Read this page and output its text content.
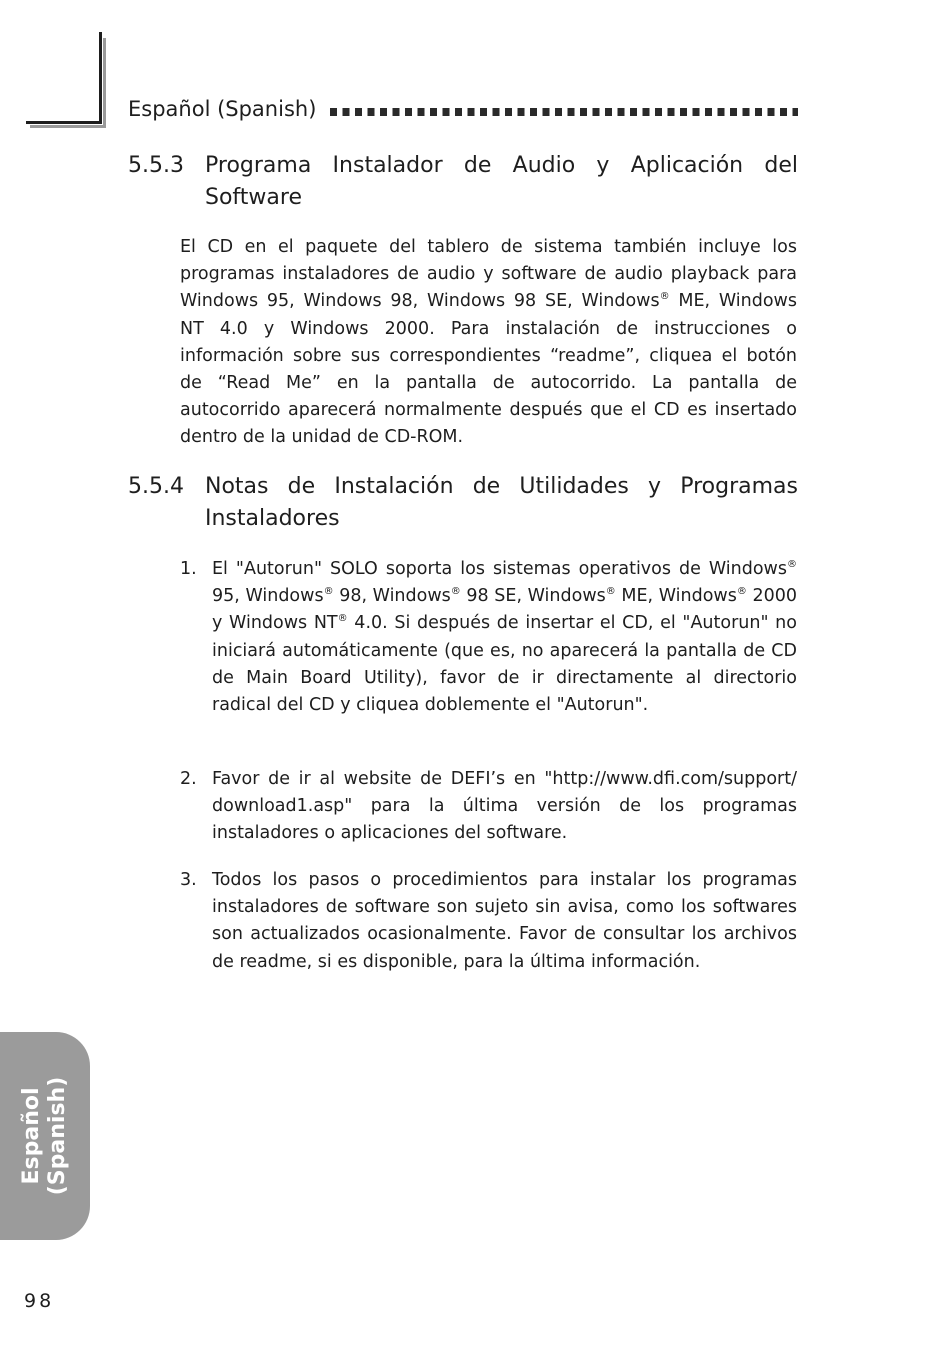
Español (Spanish)
5.5.3 Programa Instalador de Audio y Aplicación del Software

El CD en el paquete del tablero de sistema también incluye los programas instaladores de audio y software de audio playback para Windows 95, Windows 98, Windows 98 SE, Windows® ME, Windows NT 4.0 y Windows 2000. Para instalación de instrucciones o información sobre sus correspondientes “readme”, cliquea el botón de “Read Me” en la pantalla de autocorrido. La pantalla de autocorrido aparecerá normalmente después que el CD es insertado dentro de la unidad de CD-ROM.

5.5.4 Notas de Instalación de Utilidades y Programas Instaladores
1. El "Autorun" SOLO soporta los sistemas operativos de Windows® 95, Windows® 98, Windows® 98 SE, Windows® ME, Windows® 2000 y Windows NT® 4.0. Si después de insertar el CD, el "Autorun" no iniciará automáticamente (que es, no aparecerá la pantalla de CD de Main Board Utility), favor de ir directamente al directorio radical del CD y cliquea doblemente el "Autorun".
2. Favor de ir al website de DEFI’s en "http://www.dfi.com/support/ download1.asp" para la última versión de los programas instaladores o aplicaciones del software.
3. Todos los pasos o procedimientos para instalar los programas instaladores de software son sujeto sin avisa, como los softwares son actualizados ocasionalmente. Favor de consultar los archivos de readme, si es disponible, para la última información.
Español (Spanish)
98
